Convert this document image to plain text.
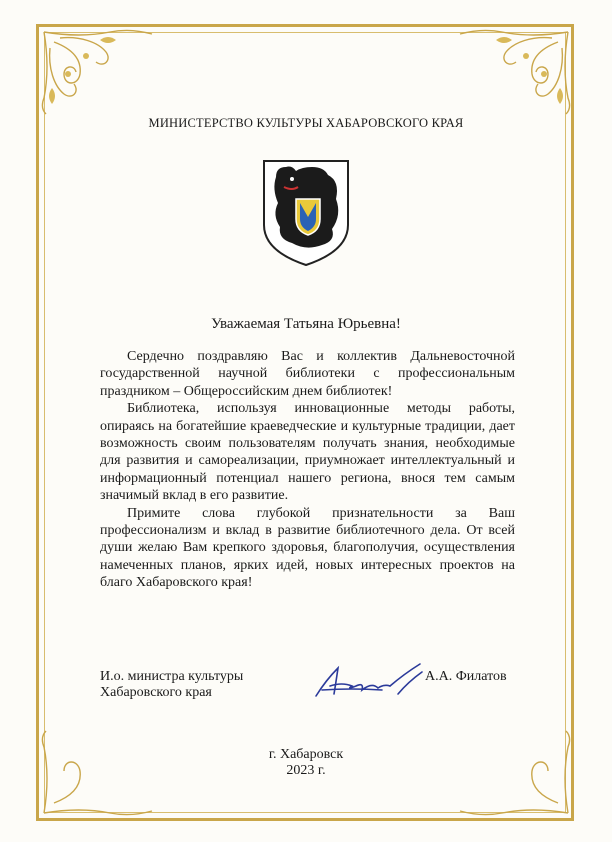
МИНИСТЕРСТВО КУЛЬТУРЫ ХАБАРОВСКОГО КРАЯ
Уважаемая Татьяна Юрьевна!

Сердечно поздравляю Вас и коллектив Дальневосточной государственной научной библиотеки с профессиональным праздником – Общероссийским днем библиотек!

Библиотека, используя инновационные методы работы, опираясь на богатейшие краеведческие и культурные традиции, дает возможность своим пользователям получать знания, необходимые для развития и самореализации, приумножает интеллектуальный и информационный потенциал нашего региона, внося тем самым значимый вклад в его развитие.

Примите слова глубокой признательности за Ваш профессионализм и вклад в развитие библиотечного дела. От всей души желаю Вам крепкого здоровья, благополучия, осуществления намеченных планов, ярких идей, новых интересных проектов на благо Хабаровского края!

И.о. министра культуры
Хабаровского края
А.А. Филатов
г. Хабаровск
2023 г.
